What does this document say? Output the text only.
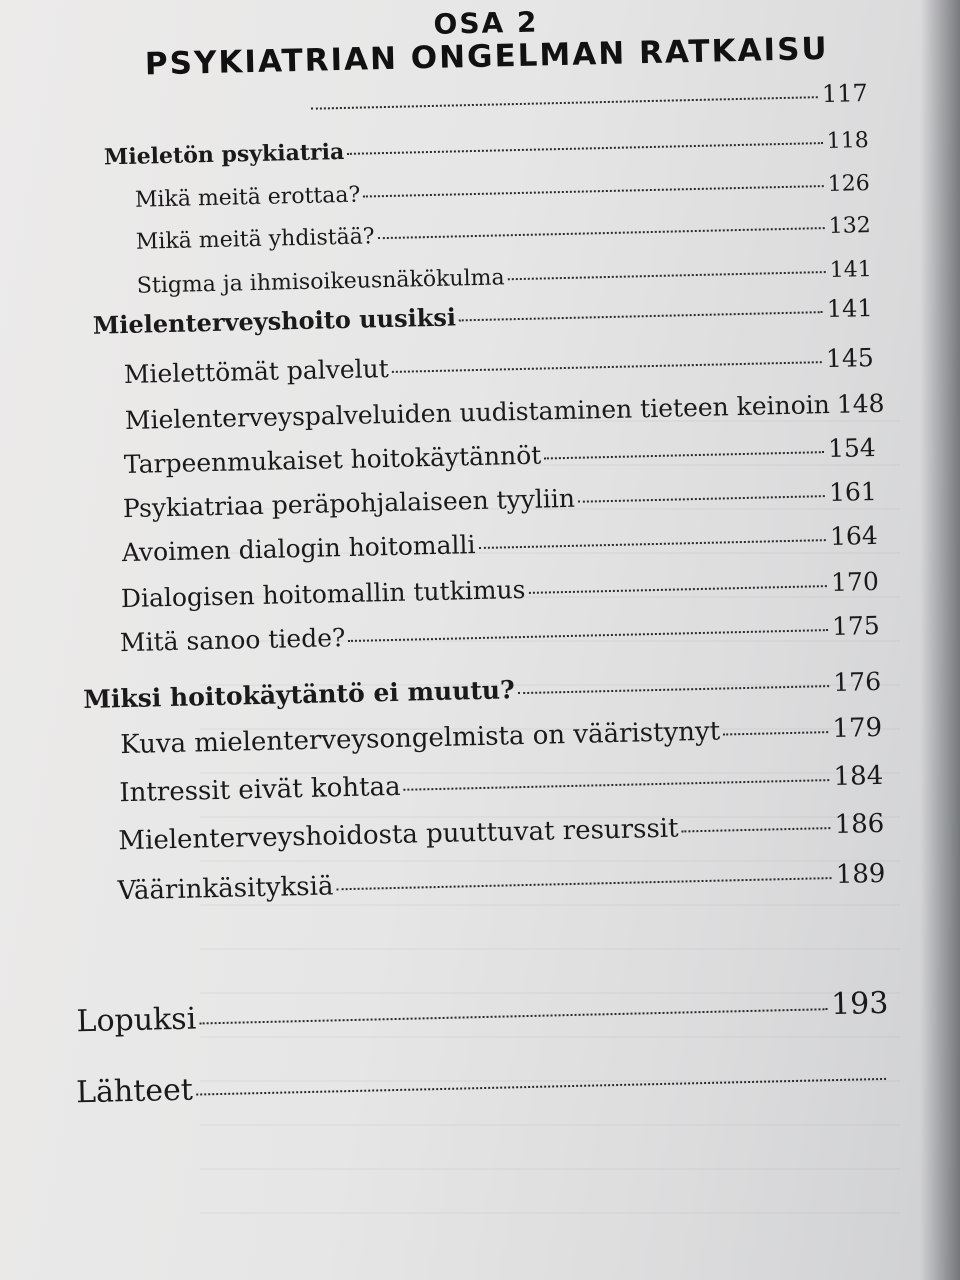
OSA 2
PSYKIATRIAN ONGELMAN RATKAISU
117
Mieletön psykiatria	118
Mikä meitä erottaa?	126
Mikä meitä yhdistää?	132
Stigma ja ihmisoikeusnäkökulma	141
Mielenterveyshoito uusiksi	141
Mielettömät palvelut	145
Mielenterveyspalveluiden uudistaminen tieteen keinoin 148
Tarpeenmukaiset hoitokäytännöt	154
Psykiatriaa peräpohjalaiseen tyyliin	161
Avoimen dialogin hoitomalli	164
Dialogisen hoitomallin tutkimus	170
Mitä sanoo tiede?	175
Miksi hoitokäytäntö ei muutu?	176
Kuva mielenterveysongelmista on vääristynyt	179
Intressit eivät kohtaa	184
Mielenterveyshoidosta puuttuvat resurssit	186
Väärinkäsityksiä	189
Lopuksi	193
Lähteet
